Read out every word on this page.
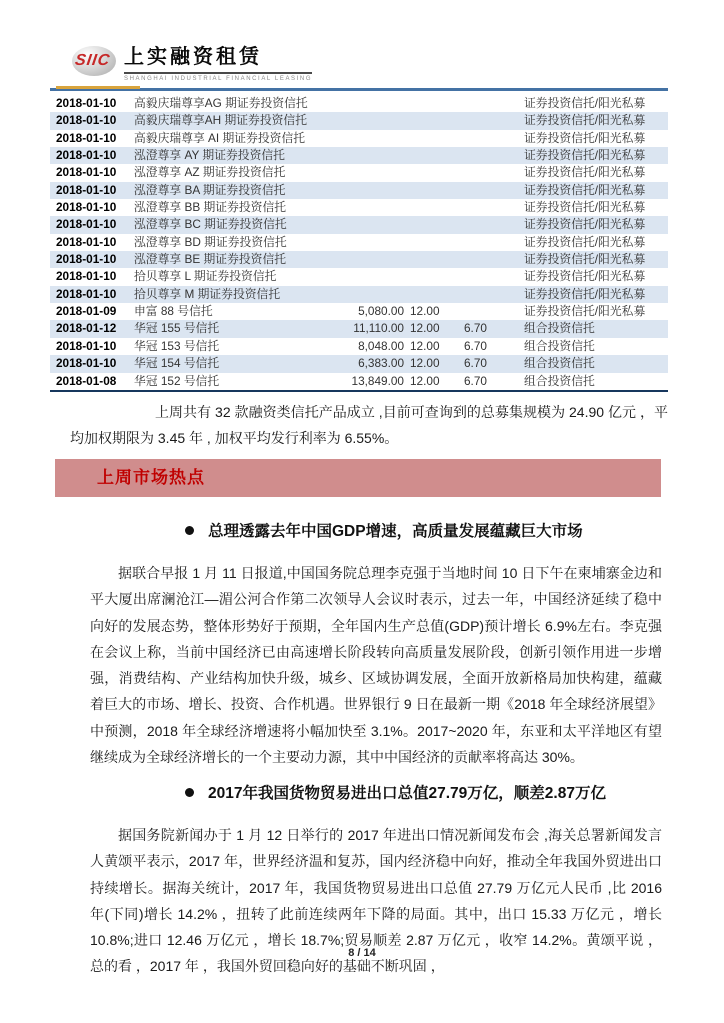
SIIC 上实融资租赁
SHANGHAI INDUSTRIAL FINANCIAL LEASING
2018-01-10	高毅庆瑞尊享AG 期证券投资信托	证券投资信托/阳光私募
2018-01-10	高毅庆瑞尊享AH 期证券投资信托	证券投资信托/阳光私募
2018-01-10	高毅庆瑞尊享 AI 期证券投资信托	证券投资信托/阳光私募
2018-01-10	泓澄尊享 AY 期证券投资信托	证券投资信托/阳光私募
2018-01-10	泓澄尊享 AZ 期证券投资信托	证券投资信托/阳光私募
2018-01-10	泓澄尊享 BA 期证券投资信托	证券投资信托/阳光私募
2018-01-10	泓澄尊享 BB 期证券投资信托	证券投资信托/阳光私募
2018-01-10	泓澄尊享 BC 期证券投资信托	证券投资信托/阳光私募
2018-01-10	泓澄尊享 BD 期证券投资信托	证券投资信托/阳光私募
2018-01-10	泓澄尊享 BE 期证券投资信托	证券投资信托/阳光私募
2018-01-10	拾贝尊享 L 期证券投资信托	证券投资信托/阳光私募
2018-01-10	拾贝尊享 M 期证券投资信托	证券投资信托/阳光私募
2018-01-09	申富 88 号信托	5,080.00 12.00	证券投资信托/阳光私募
2018-01-12	华冠 155 号信托	11,110.00 12.00	6.70	组合投资信托
2018-01-10	华冠 153 号信托	8,048.00 12.00	6.70	组合投资信托
2018-01-10	华冠 154 号信托	6,383.00 12.00	6.70	组合投资信托
2018-01-08	华冠 152 号信托	13,849.00 12.00	6.70	组合投资信托
上周共有 32 款融资类信托产品成立 ,目前可查询到的总募集规模为 24.90 亿元 ，平均加权期限为 3.45 年 , 加权平均发行利率为 6.55%。
上周市场热点
总理透露去年中国GDP增速，高质量发展蕴藏巨大市场
据联合早报 1 月 11 日报道,中国国务院总理李克强于当地时间 10 日下午在柬埔寨金边和平大厦出席澜沧江—湄公河合作第二次领导人会议时表示，过去一年，中国经济延续了稳中向好的发展态势，整体形势好于预期，全年国内生产总值(GDP)预计增长 6.9%左右。李克强在会议上称，当前中国经济已由高速增长阶段转向高质量发展阶段，创新引领作用进一步增强，消费结构、产业结构加快升级，城乡、区域协调发展，全面开放新格局加快构建，蕴藏着巨大的市场、增长、投资、合作机遇。世界银行 9 日在最新一期《2018 年全球经济展望》中预测，2018 年全球经济增速将小幅加快至 3.1%。2017~2020 年，东亚和太平洋地区有望继续成为全球经济增长的一个主要动力源，其中中国经济的贡献率将高达 30%。
2017年我国货物贸易进出口总值27.79万亿，顺差2.87万亿
据国务院新闻办于 1 月 12 日举行的 2017 年进出口情况新闻发布会 ,海关总署新闻发言人黄颂平表示，2017 年，世界经济温和复苏，国内经济稳中向好，推动全年我国外贸进出口持续增长。据海关统计，2017 年，我国货物贸易进出口总值 27.79 万亿元人民币 ,比 2016 年(下同)增长 14.2% ，扭转了此前连续两年下降的局面。其中，出口 15.33 万亿元 ，增长 10.8%;进口 12.46 万亿元 ，增长 18.7%;贸易顺差 2.87 万亿元 ，收窄 14.2%。黄颂平说 ，总的看 ，2017 年 ，我国外贸回稳向好的基础不断巩固 ，
8 / 14
